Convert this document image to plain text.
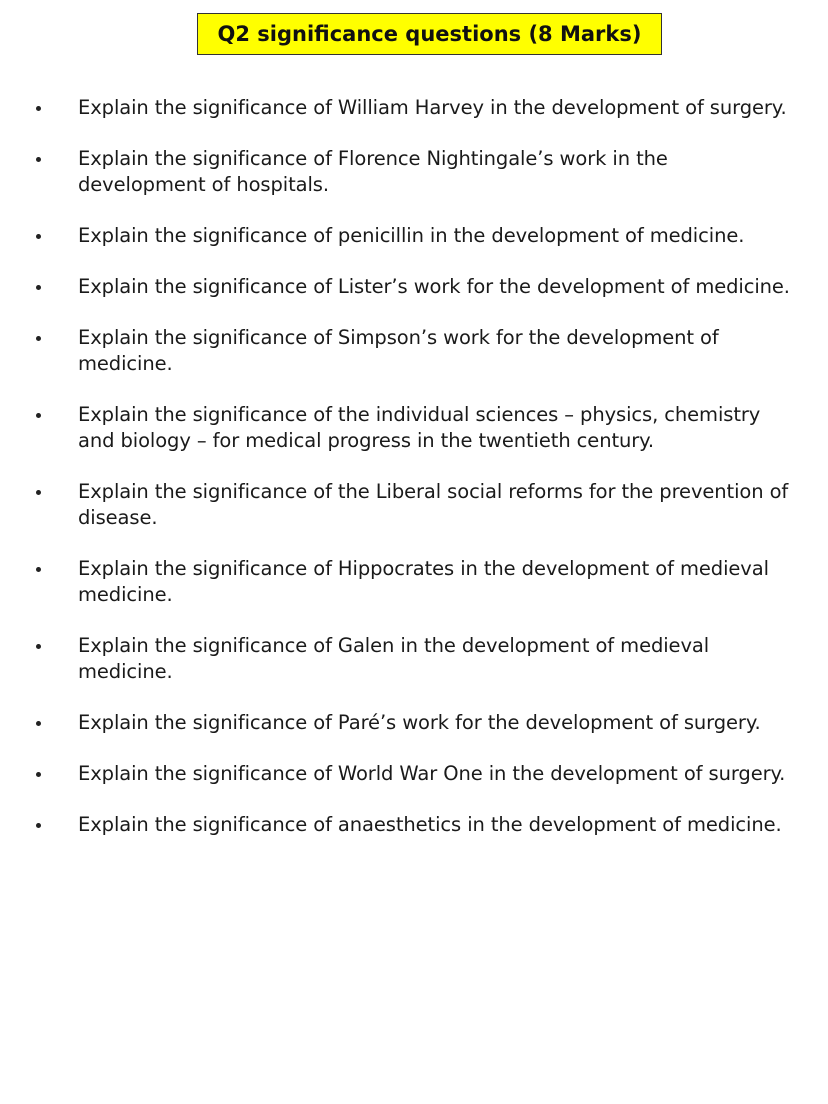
Q2 significance questions (8 Marks)
Explain the significance of William Harvey in the development of surgery.
Explain the significance of Florence Nightingale’s work in the development of hospitals.
Explain the significance of penicillin in the development of medicine.
Explain the significance of Lister’s work for the development of medicine.
Explain the significance of Simpson’s work for the development of medicine.
Explain the significance of the individual sciences – physics, chemistry and biology – for medical progress in the twentieth century.
Explain the significance of the Liberal social reforms for the prevention of disease.
Explain the significance of Hippocrates in the development of medieval medicine.
Explain the significance of Galen in the development of medieval medicine.
Explain the significance of Paré’s work for the development of surgery.
Explain the significance of World War One in the development of surgery.
Explain the significance of anaesthetics in the development of medicine.
